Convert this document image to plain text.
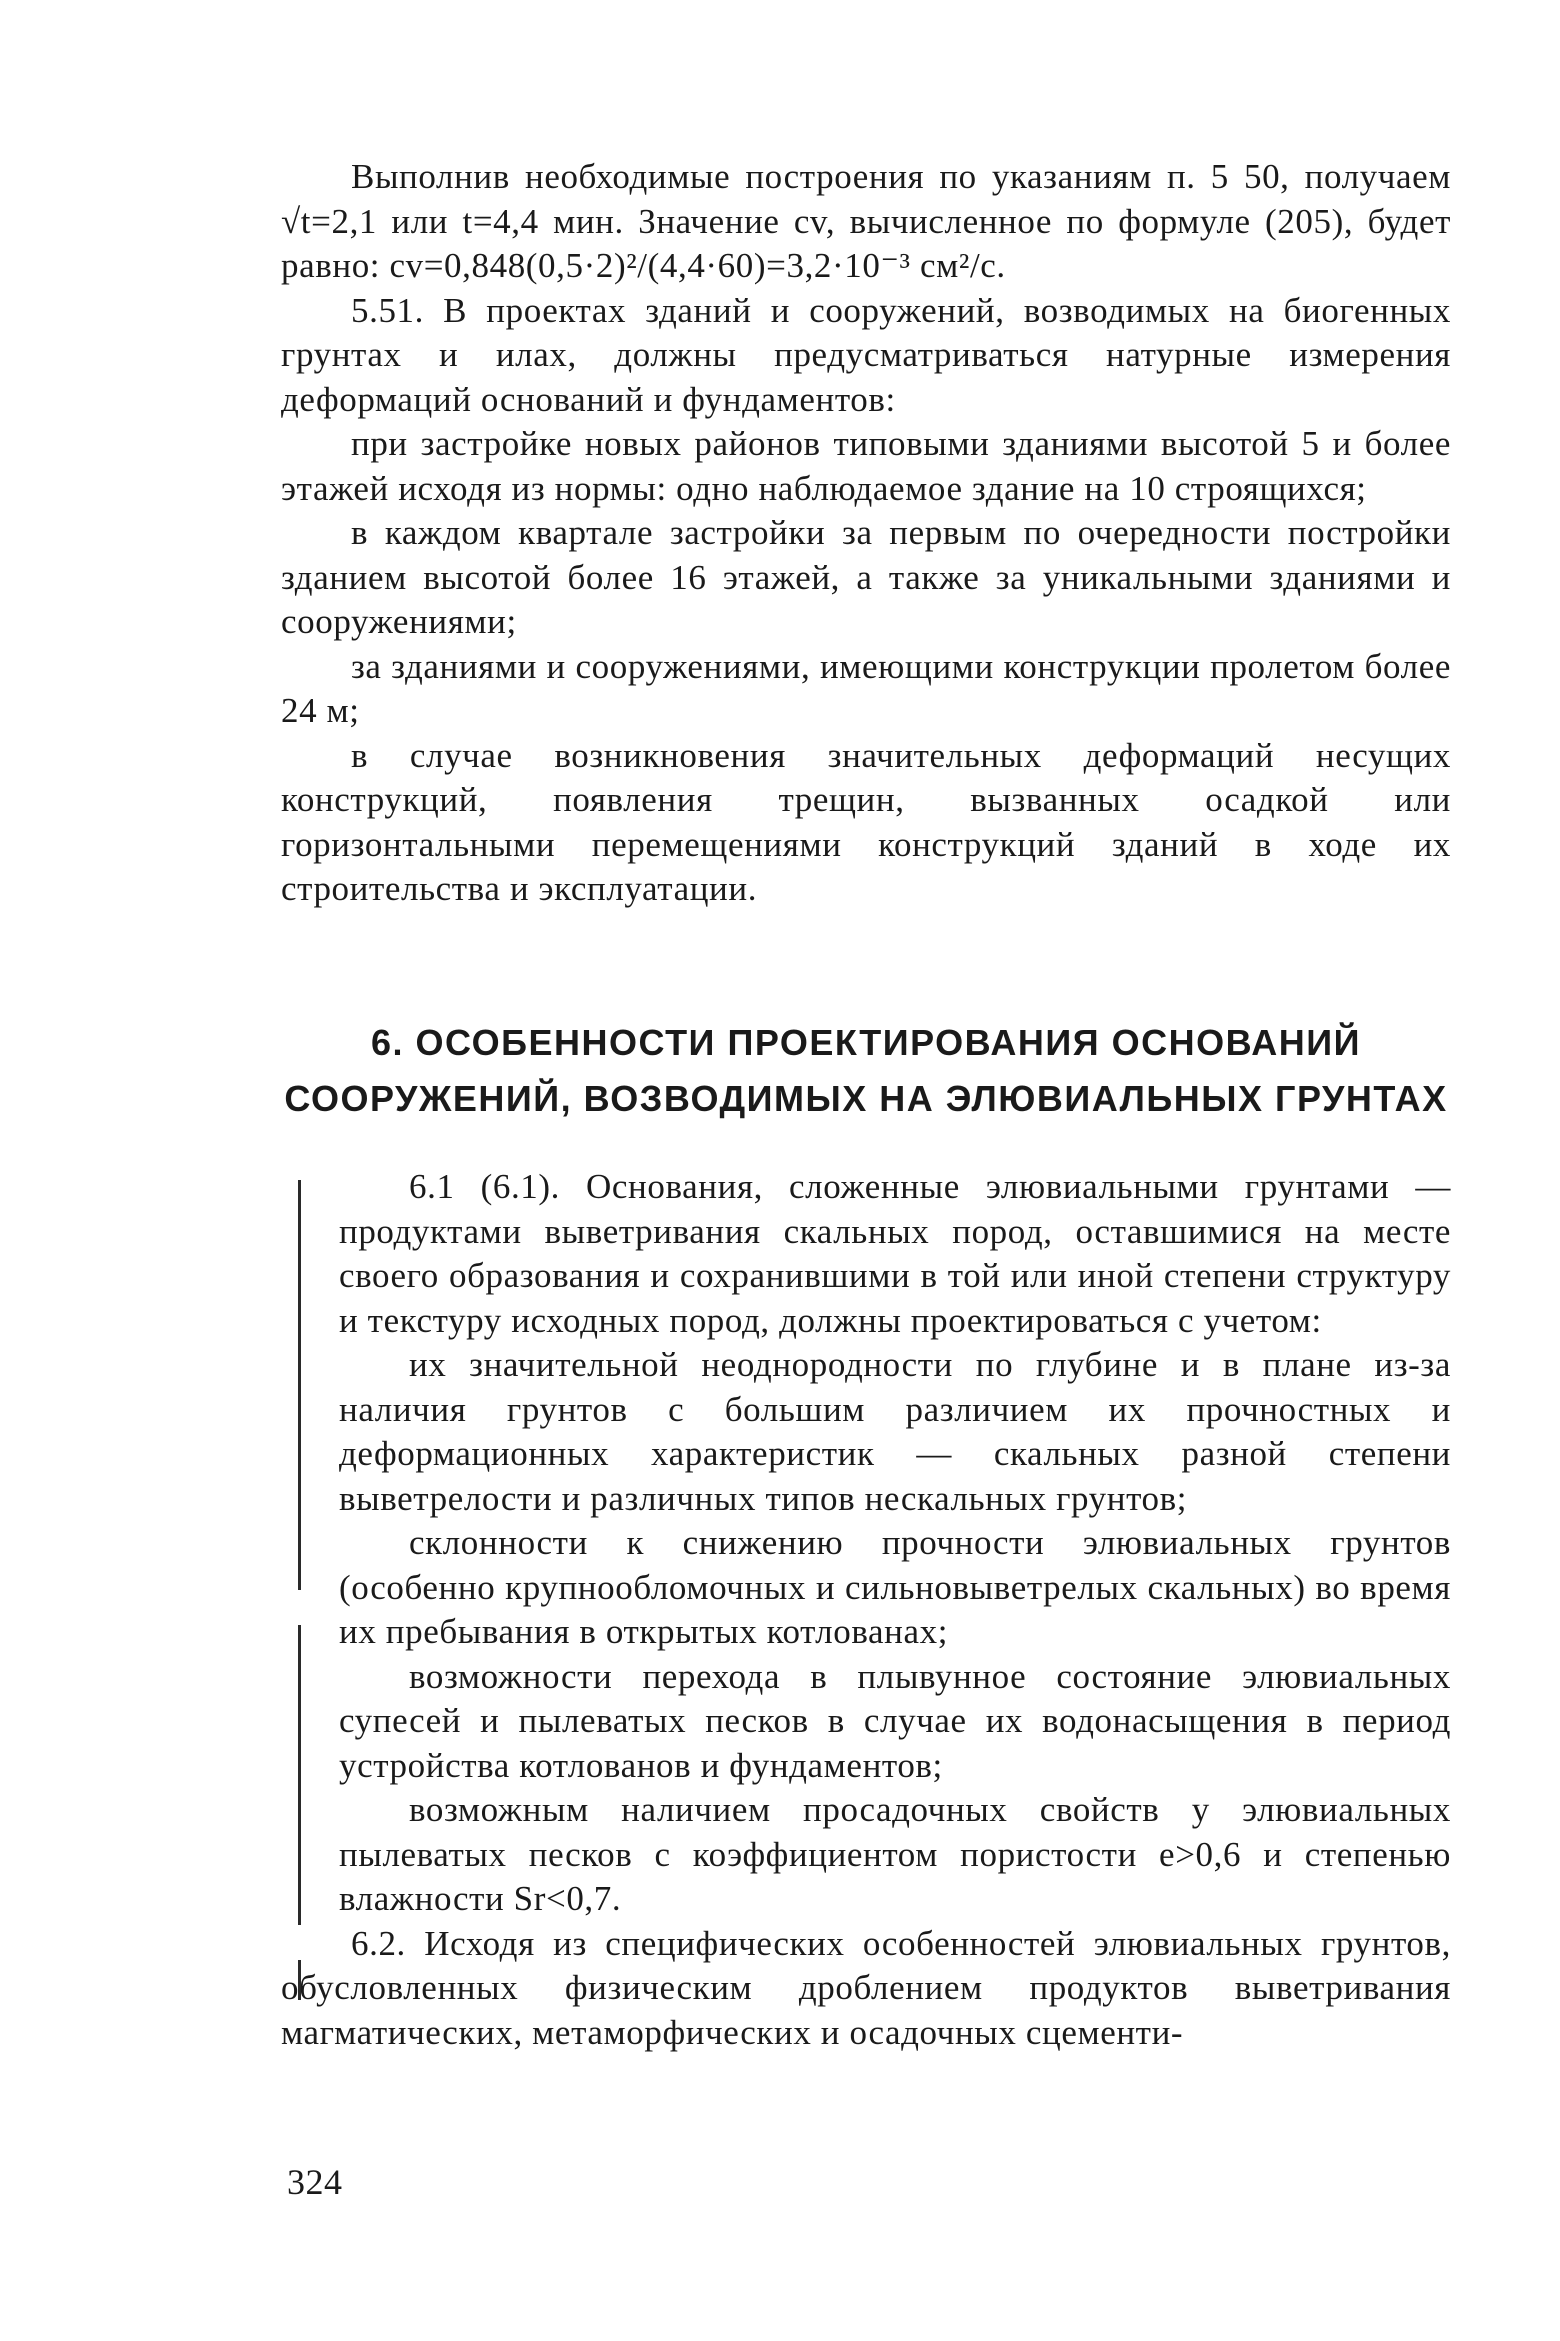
Выполнив необходимые построения по указаниям п. 5 50, получаем √t=2,1 или t=4,4 мин. Значение cv, вычисленное по формуле (205), будет равно: cv=0,848(0,5·2)²/(4,4·60)=3,2·10⁻³ см²/с.

5.51. В проектах зданий и сооружений, возводимых на биогенных грунтах и илах, должны предусматриваться натурные измерения деформаций оснований и фундаментов:

при застройке новых районов типовыми зданиями высотой 5 и более этажей исходя из нормы: одно наблюдаемое здание на 10 строящихся;

в каждом квартале застройки за первым по очередности постройки зданием высотой более 16 этажей, а также за уникальными зданиями и сооружениями;

за зданиями и сооружениями, имеющими конструкции пролетом более 24 м;

в случае возникновения значительных деформаций несущих конструкций, появления трещин, вызванных осадкой или горизонтальными перемещениями конструкций зданий в ходе их строительства и эксплуатации.

6. ОСОБЕННОСТИ ПРОЕКТИРОВАНИЯ ОСНОВАНИЙ
СООРУЖЕНИЙ, ВОЗВОДИМЫХ НА ЭЛЮВИАЛЬНЫХ ГРУНТАХ

6.1 (6.1). Основания, сложенные элювиальными грунтами — продуктами выветривания скальных пород, оставшимися на месте своего образования и сохранившими в той или иной степени структуру и текстуру исходных пород, должны проектироваться с учетом:

их значительной неоднородности по глубине и в плане из-за наличия грунтов с большим различием их прочностных и деформационных характеристик — скальных разной степени выветрелости и различных типов нескальных грунтов;

склонности к снижению прочности элювиальных грунтов (особенно крупнообломочных и сильновыветрелых скальных) во время их пребывания в открытых котлованах;

возможности перехода в плывунное состояние элювиальных супесей и пылеватых песков в случае их водонасыщения в период устройства котлованов и фундаментов;

возможным наличием просадочных свойств у элювиальных пылеватых песков с коэффициентом пористости e>0,6 и степенью влажности Sr<0,7.

6.2. Исходя из специфических особенностей элювиальных грунтов, обусловленных физическим дроблением продуктов выветривания магматических, метаморфических и осадочных сцементи-

324
